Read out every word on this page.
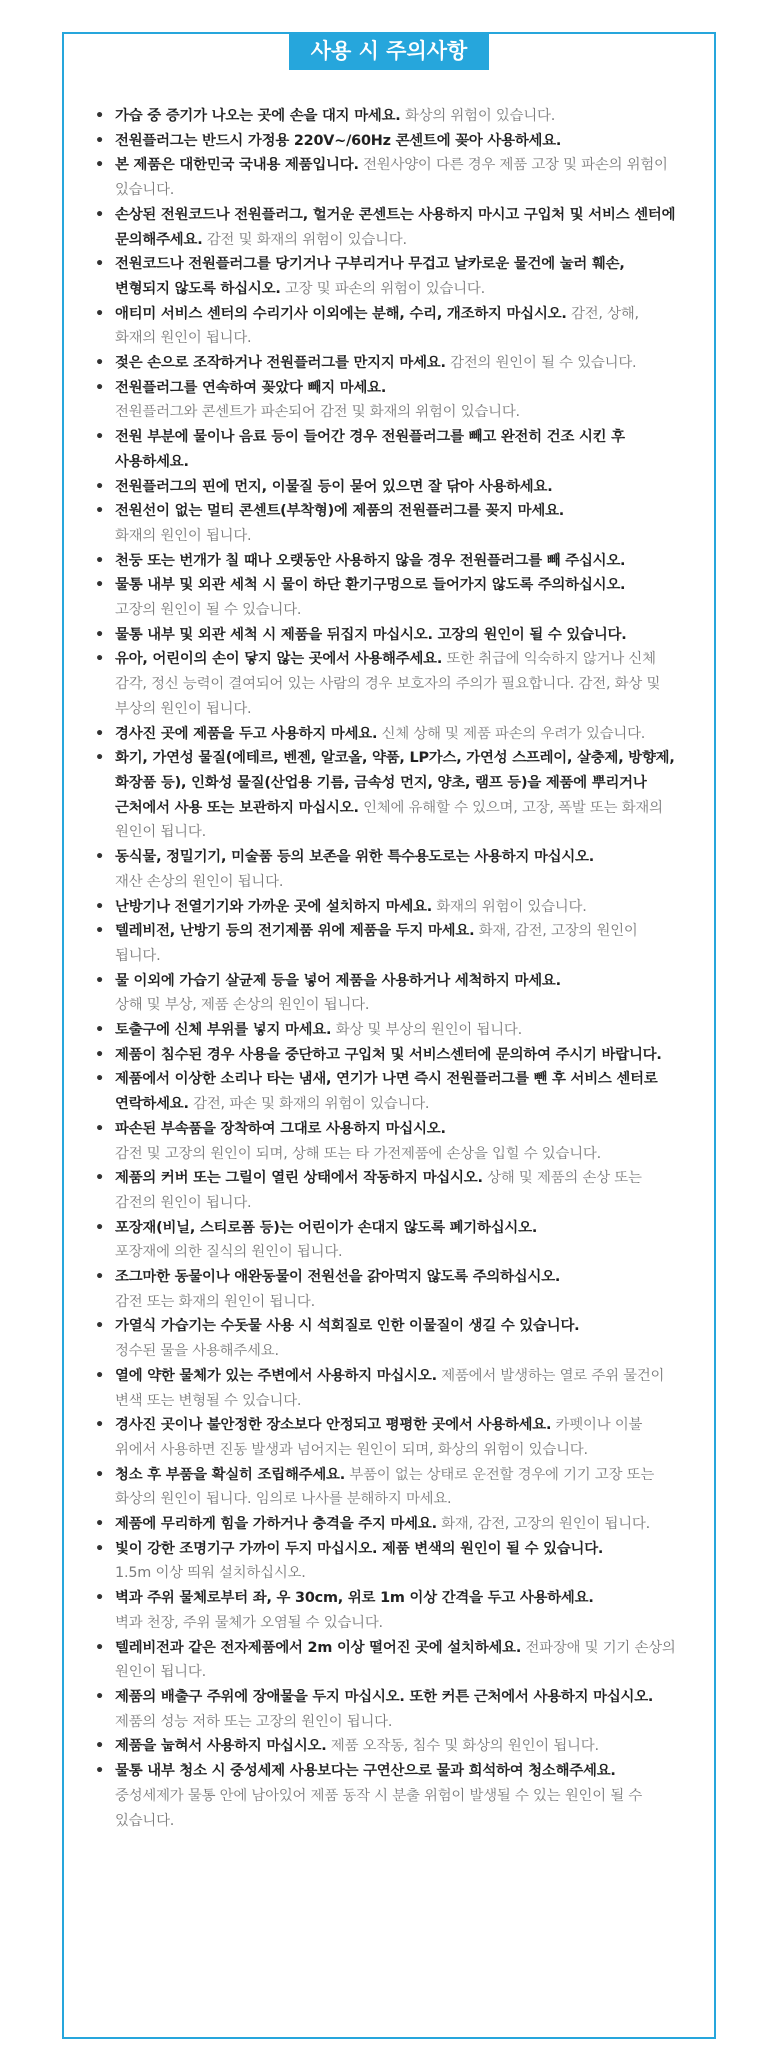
사용 시 주의사항
• 가습 중 증기가 나오는 곳에 손을 대지 마세요. 화상의 위험이 있습니다.
• 전원플러그는 반드시 가정용 220V~/60Hz 콘센트에 꽂아 사용하세요.
• 본 제품은 대한민국 국내용 제품입니다. 전원사양이 다른 경우 제품 고장 및 파손의 위험이 있습니다.
• 손상된 전원코드나 전원플러그, 헐거운 콘센트는 사용하지 마시고 구입처 및 서비스 센터에 문의해주세요. 감전 및 화재의 위험이 있습니다.
• 전원코드나 전원플러그를 당기거나 구부리거나 무겁고 날카로운 물건에 눌러 훼손, 변형되지 않도록 하십시오. 고장 및 파손의 위험이 있습니다.
• 애티미 서비스 센터의 수리기사 이외에는 분해, 수리, 개조하지 마십시오. 감전, 상해, 화재의 원인이 됩니다.
• 젖은 손으로 조작하거나 전원플러그를 만지지 마세요. 감전의 원인이 될 수 있습니다.
• 전원플러그를 연속하여 꽂았다 빼지 마세요.
전원플러그와 콘센트가 파손되어 감전 및 화재의 위험이 있습니다.
• 전원 부분에 물이나 음료 등이 들어간 경우 전원플러그를 빼고 완전히 건조 시킨 후 사용하세요.
• 전원플러그의 핀에 먼지, 이물질 등이 묻어 있으면 잘 닦아 사용하세요.
• 전원선이 없는 멀티 콘센트(부착형)에 제품의 전원플러그를 꽂지 마세요.
화재의 원인이 됩니다.
• 천둥 또는 번개가 칠 때나 오랫동안 사용하지 않을 경우 전원플러그를 빼 주십시오.
• 물통 내부 및 외관 세척 시 물이 하단 환기구멍으로 들어가지 않도록 주의하십시오.
고장의 원인이 될 수 있습니다.
• 물통 내부 및 외관 세척 시 제품을 뒤집지 마십시오. 고장의 원인이 될 수 있습니다.
• 유아, 어린이의 손이 닿지 않는 곳에서 사용해주세요. 또한 취급에 익숙하지 않거나 신체 감각, 정신 능력이 결여되어 있는 사람의 경우 보호자의 주의가 필요합니다. 감전, 화상 및 부상의 원인이 됩니다.
• 경사진 곳에 제품을 두고 사용하지 마세요. 신체 상해 및 제품 파손의 우려가 있습니다.
• 화기, 가연성 물질(에테르, 벤젠, 알코올, 약품, LP가스, 가연성 스프레이, 살충제, 방향제, 화장품 등), 인화성 물질(산업용 기름, 금속성 먼지, 양초, 램프 등)을 제품에 뿌리거나 근처에서 사용 또는 보관하지 마십시오. 인체에 유해할 수 있으며, 고장, 폭발 또는 화재의 원인이 됩니다.
• 동식물, 정밀기기, 미술품 등의 보존을 위한 특수용도로는 사용하지 마십시오.
재산 손상의 원인이 됩니다.
• 난방기나 전열기기와 가까운 곳에 설치하지 마세요. 화재의 위험이 있습니다.
• 텔레비전, 난방기 등의 전기제품 위에 제품을 두지 마세요. 화재, 감전, 고장의 원인이 됩니다.
• 물 이외에 가습기 살균제 등을 넣어 제품을 사용하거나 세척하지 마세요.
상해 및 부상, 제품 손상의 원인이 됩니다.
• 토출구에 신체 부위를 넣지 마세요. 화상 및 부상의 원인이 됩니다.
• 제품이 침수된 경우 사용을 중단하고 구입처 및 서비스센터에 문의하여 주시기 바랍니다.
• 제품에서 이상한 소리나 타는 냄새, 연기가 나면 즉시 전원플러그를 뺀 후 서비스 센터로 연락하세요. 감전, 파손 및 화재의 위험이 있습니다.
• 파손된 부속품을 장착하여 그대로 사용하지 마십시오.
감전 및 고장의 원인이 되며, 상해 또는 타 가전제품에 손상을 입힐 수 있습니다.
• 제품의 커버 또는 그릴이 열린 상태에서 작동하지 마십시오. 상해 및 제품의 손상 또는 감전의 원인이 됩니다.
• 포장재(비닐, 스티로폼 등)는 어린이가 손대지 않도록 폐기하십시오.
포장재에 의한 질식의 원인이 됩니다.
• 조그마한 동물이나 애완동물이 전원선을 갉아먹지 않도록 주의하십시오.
감전 또는 화재의 원인이 됩니다.
• 가열식 가습기는 수돗물 사용 시 석회질로 인한 이물질이 생길 수 있습니다.
정수된 물을 사용해주세요.
• 열에 약한 물체가 있는 주변에서 사용하지 마십시오. 제품에서 발생하는 열로 주위 물건이 변색 또는 변형될 수 있습니다.
• 경사진 곳이나 불안정한 장소보다 안정되고 평평한 곳에서 사용하세요. 카펫이나 이불 위에서 사용하면 진동 발생과 넘어지는 원인이 되며, 화상의 위험이 있습니다.
• 청소 후 부품을 확실히 조립해주세요. 부품이 없는 상태로 운전할 경우에 기기 고장 또는 화상의 원인이 됩니다. 임의로 나사를 분해하지 마세요.
• 제품에 무리하게 힘을 가하거나 충격을 주지 마세요. 화재, 감전, 고장의 원인이 됩니다.
• 빛이 강한 조명기구 가까이 두지 마십시오. 제품 변색의 원인이 될 수 있습니다.
1.5m 이상 띄워 설치하십시오.
• 벽과 주위 물체로부터 좌, 우 30cm, 위로 1m 이상 간격을 두고 사용하세요.
벽과 천장, 주위 물체가 오염될 수 있습니다.
• 텔레비전과 같은 전자제품에서 2m 이상 떨어진 곳에 설치하세요. 전파장애 및 기기 손상의 원인이 됩니다.
• 제품의 배출구 주위에 장애물을 두지 마십시오. 또한 커튼 근처에서 사용하지 마십시오.
제품의 성능 저하 또는 고장의 원인이 됩니다.
• 제품을 눕혀서 사용하지 마십시오. 제품 오작동, 침수 및 화상의 원인이 됩니다.
• 물통 내부 청소 시 중성세제 사용보다는 구연산으로 물과 희석하여 청소해주세요.
중성세제가 물통 안에 남아있어 제품 동작 시 분출 위험이 발생될 수 있는 원인이 될 수 있습니다.
